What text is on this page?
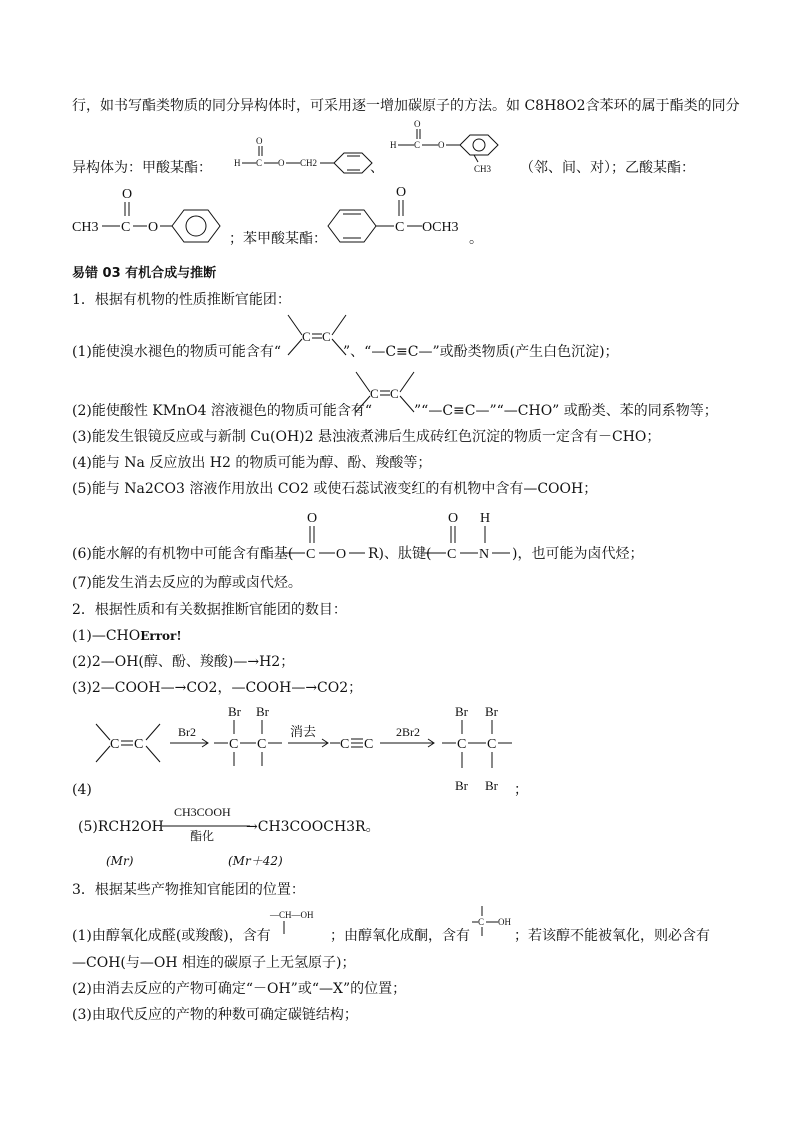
行，如书写酯类物质的同分异构体时，可采用逐一增加碳原子的方法。如 C8H8O2含苯环的属于酯类的同分
异构体为：甲酸某酯： H C
O
O CH2	、
H C
O
O
CH3 （邻、间、对）；乙酸某酯：
CH3 C
O
O
；苯甲酸某酯：
C
O
OCH3
。
易错 03 有机合成与推断
1．根据有机物的性质推断官能团：
(1)能使溴水褪色的物质可能含有“
C C
”、“—C≡C—”或酚类物质(产生白色沉淀)；
(2)能使酸性 KMnO4 溶液褪色的物质可能含有“
C C
”“—C≡C—”“—CHO” 或酚类、苯的同系物等；
(3)能发生银镜反应或与新制 Cu(OH)2 悬浊液煮沸后生成砖红色沉淀的物质一定含有－CHO；
(4)能与 Na 反应放出 H2 的物质可能为醇、酚、羧酸等；
(5)能与 Na2CO3 溶液作用放出 CO2 或使石蕊试液变红的有机物中含有—COOH；
(6)能水解的有机物中可能含有酯基( C
O
O R)、肽键( C
O
N
H
)，也可能为卤代烃；
(7)能发生消去反应的为醇或卤代烃。
2．根据性质和有关数据推断官能团的数目：
(1)—CHOError!
(2)2—OH(醇、酚、羧酸)—→H2；
(3)2—COOH—→CO2，—COOH—→CO2；
C C
Br2
Br Br
C C
消去
C C
2Br2
Br Br
C C
Br Br
(4)	；
(5)RCH2OH
CH3COOH
酯化
→CH3COOCH3R。
(Mr)	(Mr＋42)
3．根据某些产物推知官能团的位置：
(1)由醇氧化成醛(或羧酸)，含有
—CH—OH
；由醇氧化成酮，含有
C OH
；若该醇不能被氧化，则必含有
—COH(与—OH 相连的碳原子上无氢原子)；
(2)由消去反应的产物可确定“－OH”或“—X”的位置；
(3)由取代反应的产物的种数可确定碳链结构；
